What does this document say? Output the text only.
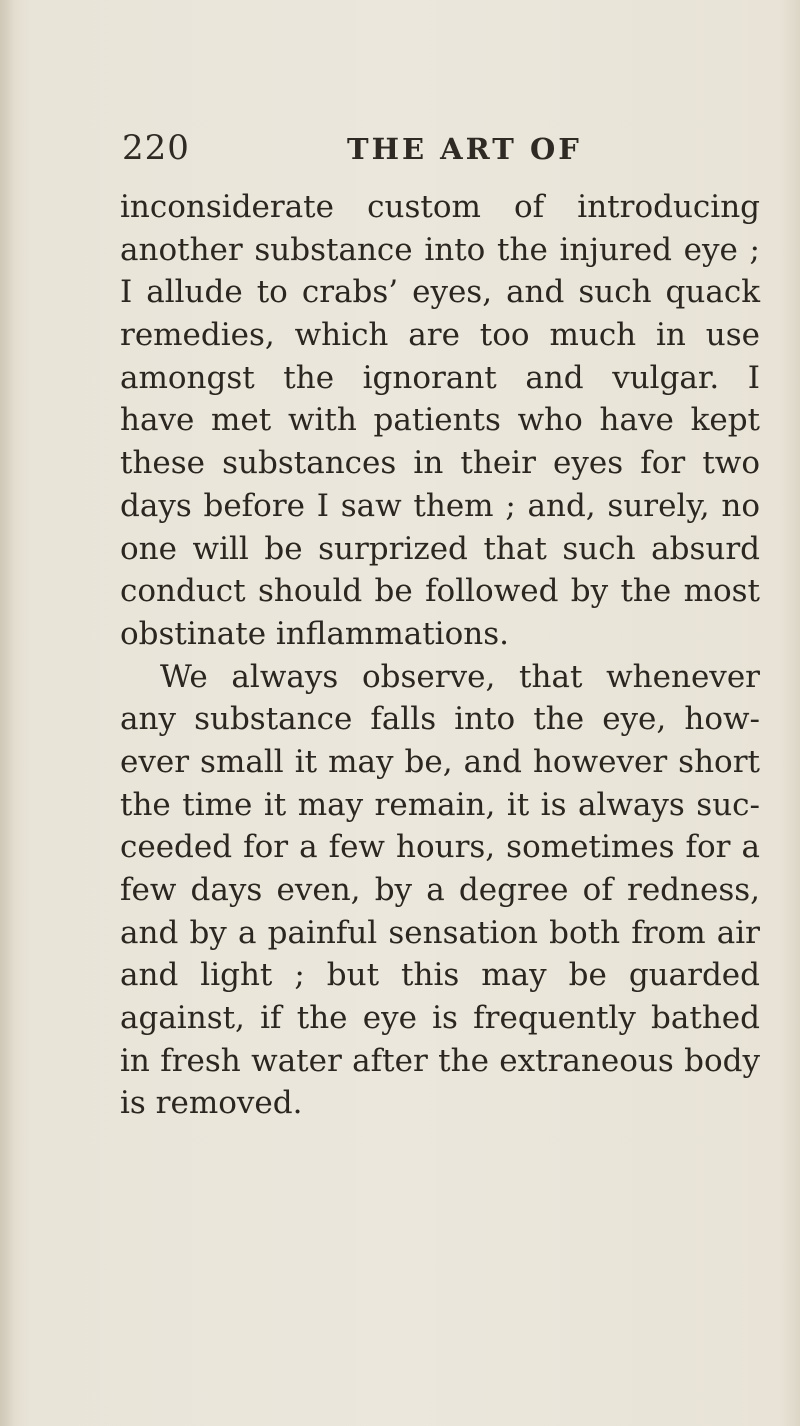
220	THE ART OF
inconsiderate custom of introducing
another substance into the injured eye ;
I allude to crabs’ eyes, and such quack
remedies, which are too much in use
amongst the ignorant and vulgar. I
have met with patients who have kept
these substances in their eyes for two
days before I saw them ; and, surely, no
one will be surprized that such absurd
conduct should be followed by the most
obstinate inflammations.
We always observe, that whenever
any substance falls into the eye, how-
ever small it may be, and however short
the time it may remain, it is always suc-
ceeded for a few hours, sometimes for a
few days even, by a degree of redness,
and by a painful sensation both from air
and light ; but this may be guarded
against, if the eye is frequently bathed
in fresh water after the extraneous body
is removed.
